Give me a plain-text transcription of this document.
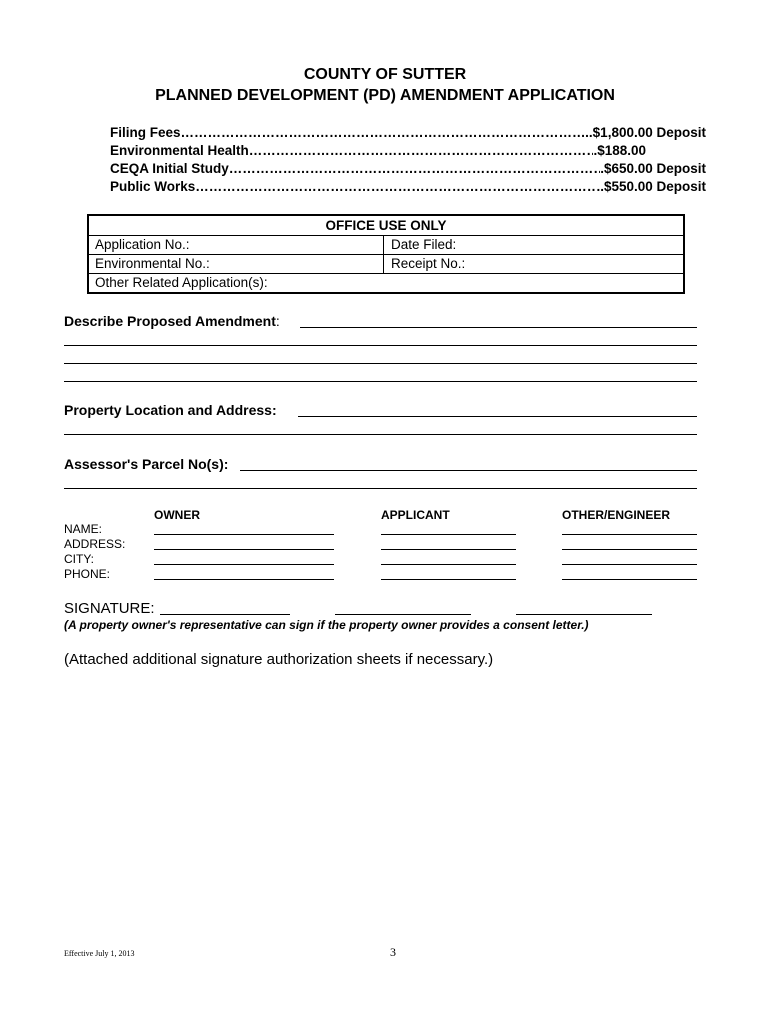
COUNTY OF SUTTER
PLANNED DEVELOPMENT (PD) AMENDMENT APPLICATION
Filing Fees ……………………………………………………………………………………………………………	..$1,800.00 Deposit
Environmental Health ……………………………………………………………………………………………………………	.$188.00
CEQA Initial Study ……………………………………………………………………………………………………………	.$650.00 Deposit
Public Works ……………………………………………………………………………………………………………	..$550.00 Deposit
OFFICE USE ONLY
Application No.:	Date Filed:
Environmental No.:	Receipt No.:
Other Related Application(s):
Describe Proposed Amendment:
Property Location and Address:
Assessor's Parcel No(s):
OWNER	APPLICANT	OTHER/ENGINEER
NAME:
ADDRESS:
CITY:
PHONE:
SIGNATURE:
(A property owner's representative can sign if the property owner provides a consent letter.)
(Attached additional signature authorization sheets if necessary.)
Effective July 1, 2013	3
